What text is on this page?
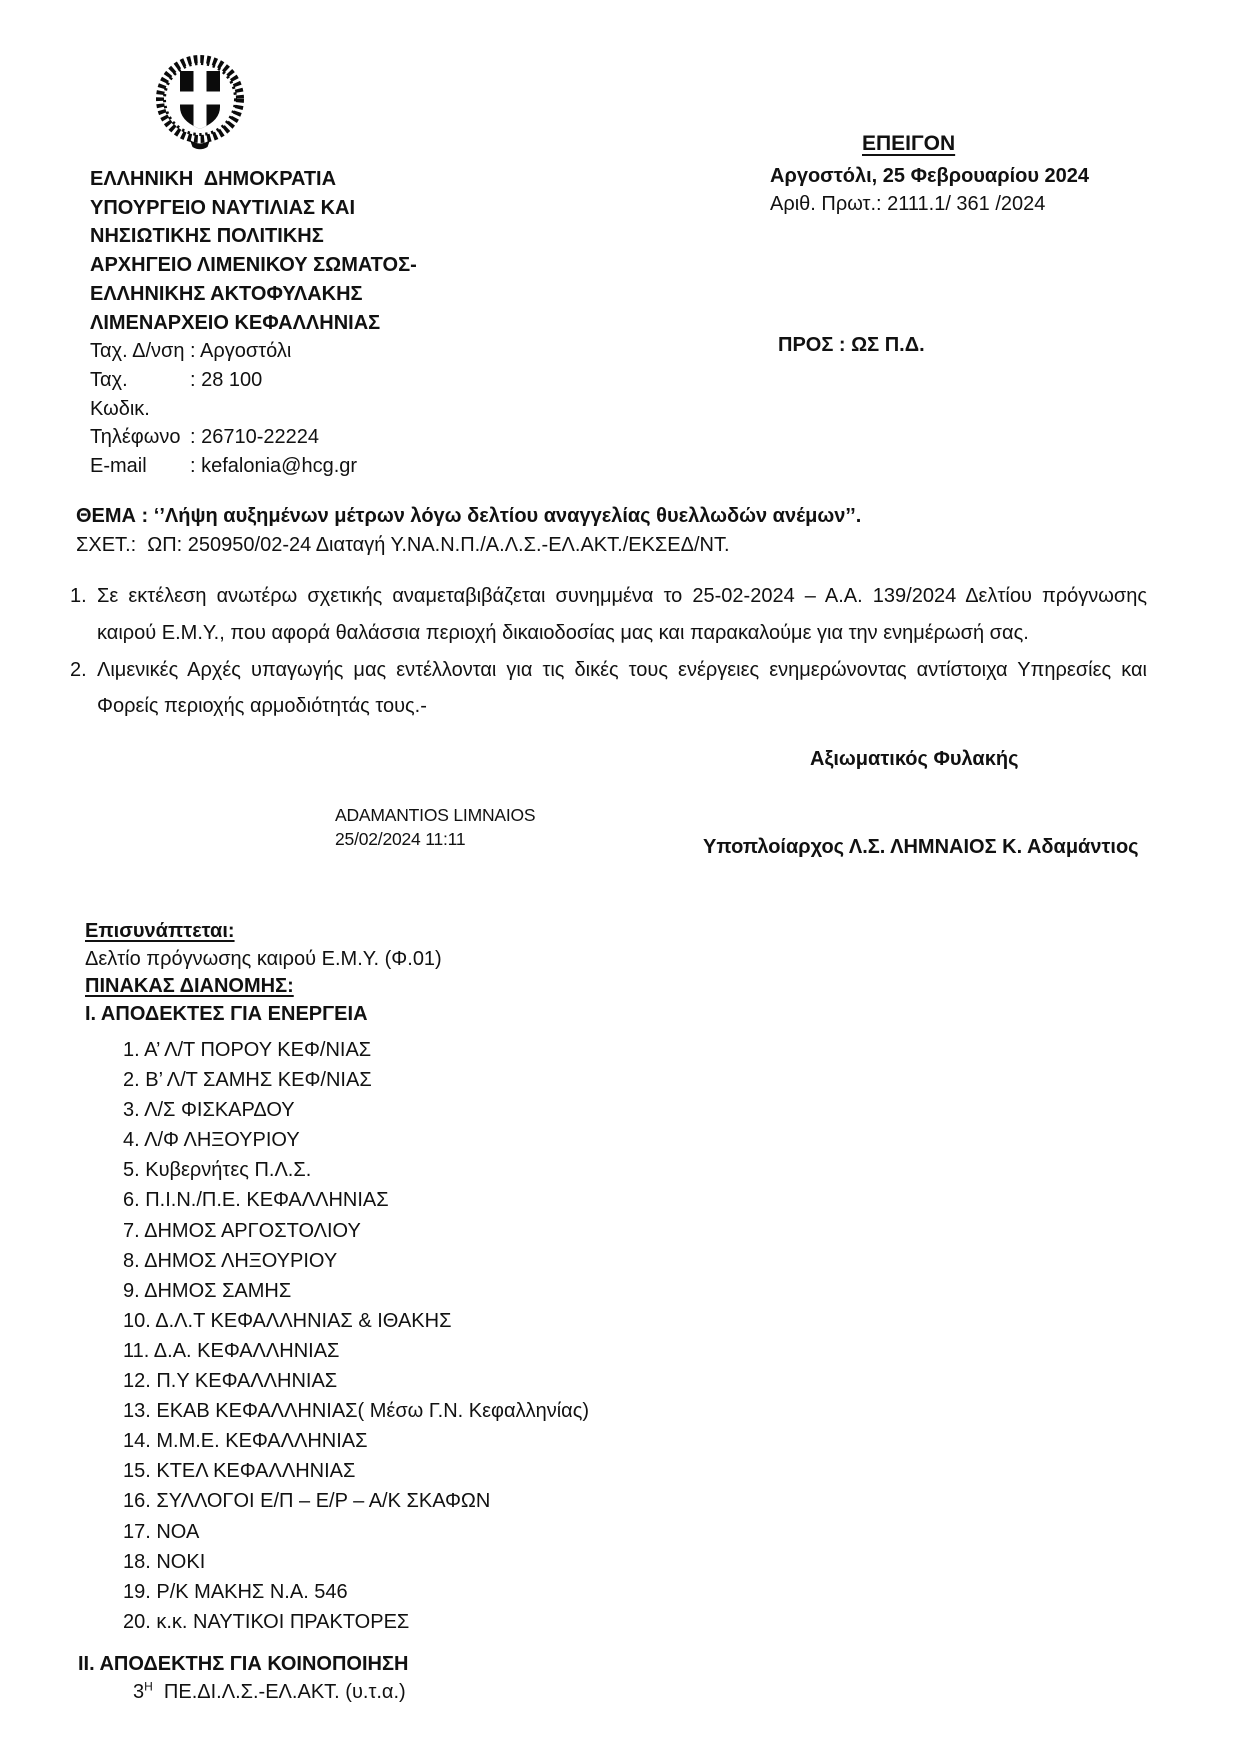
ΕΛΛΗΝΙΚΗ  ΔΗΜΟΚΡΑΤΙΑ
ΥΠΟΥΡΓΕΙΟ ΝΑΥΤΙΛΙΑΣ ΚΑΙ
ΝΗΣΙΩΤΙΚΗΣ ΠΟΛΙΤΙΚΗΣ
ΑΡΧΗΓΕΙΟ ΛΙΜΕΝΙΚΟΥ ΣΩΜΑΤΟΣ-
ΕΛΛΗΝΙΚΗΣ ΑΚΤΟΦΥΛΑΚΗΣ
ΛΙΜΕΝΑΡΧΕΙΟ ΚΕΦΑΛΛΗΝΙΑΣ
Ταχ. Δ/νση : Αργοστόλι
Ταχ. Κωδικ.
: 28 100
Τηλέφωνο : 26710-22224
E-mail	: kefalonia@hcg.gr
ΕΠΕΙΓΟΝ
Αργοστόλι, 25 Φεβρουαρίου 2024
Αριθ. Πρωτ.: 2111.1/ 361 /2024
ΠΡΟΣ : ΩΣ Π.Δ.
ΘΕΜΑ : ‘’Λήψη αυξημένων μέτρων λόγω δελτίου αναγγελίας θυελλωδών ανέμων’’.
ΣΧΕΤ.:  ΩΠ: 250950/02-24 Διαταγή Υ.ΝΑ.Ν.Π./Α.Λ.Σ.-ΕΛ.ΑΚΤ./ΕΚΣΕΔ/ΝΤ.
1. Σε εκτέλεση ανωτέρω σχετικής αναμεταβιβάζεται συνημμένα το 25-02-2024 – Α.Α. 139/2024 Δελτίου πρόγνωσης καιρού Ε.Μ.Υ., που αφορά θαλάσσια περιοχή δικαιοδοσίας μας και παρακαλούμε για την ενημέρωσή σας.
2. Λιμενικές Αρχές υπαγωγής μας εντέλλονται για τις δικές τους ενέργειες ενημερώνοντας αντίστοιχα Υπηρεσίες και Φορείς περιοχής αρμοδιότητάς τους.-
Αξιωματικός Φυλακής
ADAMANTIOS LIMNAIOS
25/02/2024 11:11	Υποπλοίαρχος Λ.Σ. ΛΗΜΝΑΙΟΣ Κ. Αδαμάντιος
Επισυνάπτεται:
Δελτίο πρόγνωσης καιρού Ε.Μ.Υ. (Φ.01)
ΠΙΝΑΚΑΣ ΔΙΑΝΟΜΗΣ:
Ι. ΑΠΟΔΕΚΤΕΣ ΓΙΑ ΕΝΕΡΓΕΙΑ
1. Α’ Λ/Τ ΠΟΡΟΥ ΚΕΦ/ΝΙΑΣ
2. Β’ Λ/Τ ΣΑΜΗΣ ΚΕΦ/ΝΙΑΣ
3. Λ/Σ ΦΙΣΚΑΡΔΟΥ
4. Λ/Φ ΛΗΞΟΥΡΙΟΥ
5. Κυβερνήτες Π.Λ.Σ.
6. Π.Ι.Ν./Π.Ε. ΚΕΦΑΛΛΗΝΙΑΣ
7. ΔΗΜΟΣ ΑΡΓΟΣΤΟΛΙΟΥ
8. ΔΗΜΟΣ ΛΗΞΟΥΡΙΟΥ
9. ΔΗΜΟΣ ΣΑΜΗΣ
10. Δ.Λ.Τ ΚΕΦΑΛΛΗΝΙΑΣ & ΙΘΑΚΗΣ
11. Δ.Α. ΚΕΦΑΛΛΗΝΙΑΣ
12. Π.Υ ΚΕΦΑΛΛΗΝΙΑΣ
13. ΕΚΑΒ ΚΕΦΑΛΛΗΝΙΑΣ( Μέσω Γ.Ν. Κεφαλληνίας)
14. Μ.Μ.Ε. ΚΕΦΑΛΛΗΝΙΑΣ
15. ΚΤΕΛ ΚΕΦΑΛΛΗΝΙΑΣ
16. ΣΥΛΛΟΓΟΙ Ε/Π – Ε/Ρ – Α/Κ ΣΚΑΦΩΝ
17. ΝΟΑ
18. ΝΟΚΙ
19. Ρ/Κ ΜΑΚΗΣ Ν.Α. 546
20. κ.κ. ΝΑΥΤΙΚΟΙ ΠΡΑΚΤΟΡΕΣ
ΙΙ. ΑΠΟΔΕΚΤΗΣ ΓΙΑ ΚΟΙΝΟΠΟΙΗΣΗ
$3^H$  ΠΕ.ΔΙ.Λ.Σ.-ΕΛ.ΑΚΤ. (υ.τ.α.)
